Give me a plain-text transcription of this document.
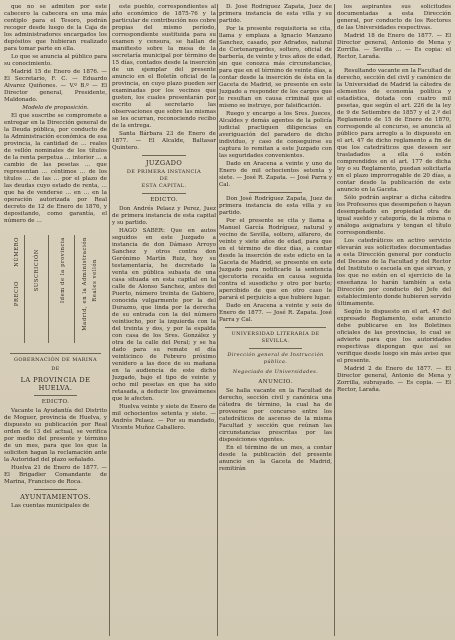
que no se admiten por este cabecero la cabecera en una más centiplo para el Tesoro, podrán recoger desde luego de la Caja de los administradores encargados los depósitos que hubieran realizado para tomar parte en ella.

Lo que se anuncia al público para su conocimiento.

Madrid 15 de Enero de 1876. — El Secretario, F. C. — Eduardo Alvarez Quiñones. — V.º B.º — El Director general, Presidente, Maldonado.

Modelo de proposición.

El que suscribe se compromete a entregar en la Dirección general de la Deuda pública, por conducto de la Administración económica de esa provincia, la cantidad de … reales de vellón nominales de los títulos de la renta perpetua … interior … a cambio de las pesetas … que representan … céntimos … de los títulos … de las … por el plazo de las deudas cuyo estado de renta, … que ha de venderse … en … en la operación autorizada por Real decreto de 12 de Enero de 1876, y depositando, como garantía, el número de …

NÚMERO
PRECIO
SUSCRICIÓN	Idem de la provincia	Madrid, en la Administración Reales vellón
GOBERNACIÓN DE MARINA
DE
LA PROVINCIA DE HUELVA.
EDICTO.

Vacante la Ayudantía del Distrito de Moguer, provincia de Huelva, y dispuesto su publicación por Real orden de 13 del actual, se verifica por medio del presente y término de un mes, para que los que la soliciten hagan la reclamación ante la Autoridad del plazo señalado.

Huelva 21 de Enero de 1877. — El Brigadier Comandante de Marina, Francisco de Roca.

AYUNTAMIENTOS.

Las cuentas municipales de

este pueblo, correspondientes al año económico de 1875-76 y la particular de contribución nos cobre propias del mismo período, correspondiente sustituida para su examen y censura, se hallan de manifiesto sobre la mesa de la secretaría municipal por término de 15 días, contados desde la inserción de un ejemplar del presente anuncio en el Boletín oficial de la provincia, en cuyo plazo pueden ser examinadas por los vecinos que gusten, los cuales presentarán por escrito al secretario las observaciones que sobre las mismas se les ocurran, reconociendo recibo de la entrega.

Santa Bárbara 23 de Enero de 1877. — El Alcalde, Baltasar Quintero.

JUZGADO
DE PRIMERA INSTANCIA
DE
ESTA CAPITAL.
EDICTO.

Don Andrés Pelaez y Perez, Juez de primera instancia de esta capital y su partido.

HAGO SABER: Que en autos seguidos en este Juzgado a instancia de don Dámaso Arroyo Sanchez y otros contra don Gerónimo Martín Ruiz, hoy su testamentaría, he decretado la venta en pública subasta de una casa situada en esta capital en la calle de Alonso Sanchez, antes del Puerto, número treinta de Gabiero, conocida vulgarmente por la del Durazno, que linda por la derecha de su entrada con la del número veintiocho, por la izquierda con la del treinta y dos, y por la espalda con casa de los Sres. González y otra de la calle del Peral; y se ha dado para su remate el día veinticinco de Febrero próximo venidero a las doce de su mañana en la audiencia de este dicho Juzgado, bajo el tipo de veinte y ocho mil pesetas en que ha sido retasada, a deducir los gravámenes que le afecten.

Huelva veinte y siete de Enero de mil ochocientos setenta y siete. — Andrés Pelaez. — Por su mandado, Vicente Muñoz Caballero.

D. José Rodríguez Zapata, Juez de primera instancia de esta villa y su partido.

Por la presente requisitoria se cita, llama y emplaza a Ignacio Manzano Sanchez, casado, por Adrados, natural de Cortenargardes, soltero, oficial de barbería, de veinte y tres años de edad, sin que conozca más circunstancias, para que en el término de veinte días, a contar desde la inserción de ésta en la Gaceta de Madrid, se presente en este Juzgado a responder de los cargos que le resultan en causa criminal que al mismo se instruye, por falsificación.

Ruego y encargo a los Sres. Jueces, Alcaldes y demás agentes de la policía judicial practiquen diligencias en averiguación del paradero de dicho individuo, y caso de conseguirse su captura lo remitan a este Juzgado con las seguridades convenientes.

Dado en Aracena a veinte y uno de Enero de mil ochocientos setenta y siete. — José R. Zapata. — José Parra y Cal.

Don José Rodríguez Zapata, Juez de primera instancia de esta villa y su partido.

Por el presente se cita y llama a Manuel García Rodríguez, natural y vecino de Sevilla, soltero, alfarero, de veinte y siete años de edad, para que en el término de diez días, a contar desde la inserción de este edicto en la Gaceta de Madrid, se presente en este Juzgado para notificarle la sentencia ejecutoria recaída en causa seguida contra el susodicho y otro por hurto; apercibido de que en otro caso le parará el perjuicio a que hubiere lugar.

Dado en Aracena a veinte y seis de Enero de 1877. — José R. Zapata. José Parra y Cal.

UNIVERSIDAD LITERARIA DE SEVILLA.
Dirección general de Instrucción pública.
Negociado de Universidades.
ANUNCIO.

Se halla vacante en la Facultad de derecho, sección civil y canónica una cátedra de término, la cual ha de proveerse por concurso entre los catedráticos de ascenso de la misma Facultad y sección que reúnan las circunstancias prescritas por las disposiciones vigentes.

En el término de un mes, a contar desde la publicación del presente anuncio en la Gaceta de Madrid, remitirán

los aspirantes sus solicitudes documentadas a esta Dirección general, por conducto de los Rectores de las Universidades respectivas.

Madrid 18 de Enero de 1877. — El Director general, Antonio de Mena y Zorrilla. — Sevilla … — Es copia: el Rector, Laraña.

Resultando vacante en la Facultad de derecho, sección del civil y canónico de la Universidad de Madrid la cátedra de elementos de economía política y estadística, dotada con cuatro mil pesetas, que según el art. 226 de la ley de 9 de Setiembre de 1857 y el 2.º del Reglamento de 15 de Enero de 1870, corresponde al concurso, se anuncia al público para arreglo a lo dispuesto en el art. 47 de dicho reglamento a fin de que los catedráticos que deseen ser trasladados a ella ó estén comprendidos en el art. 177 de dicha ley o su Reglamento, puedan solicitarla en el plazo improrrogable de 20 días, a contar desde la publicación de este anuncio en la Gaceta.

Sólo podrán aspirar a dicha cátedra los Profesores que desempeñen o hayan desempeñado en propiedad otra de igual sueldo y categoría, de la misma o análoga asignatura y tengan el título correspondiente.

Los catedráticos en activo servicio elevarán sus solicitudes documentadas a esta Dirección general por conducto del Decano de la Facultad y del Rector del Instituto o escuela en que sirvan, y los que no estén en el ejercicio de la enseñanza lo harán también a esta Dirección por conducto del Jefe del establecimiento donde hubieren servido últimamente.

Según lo dispuesto en el art. 47 del expresado Reglamento, este anuncio debe publicarse en los Boletines oficiales de las provincias, lo cual se advierte para que los autoridades respectivas dispongan que así se verifique desde luego sin más aviso que el presente.

Madrid 2 de Enero de 1877. — El Director general, Antonio de Mena y Zorrilla, subrayado. — Es copia. — El Rector, Laraña.
